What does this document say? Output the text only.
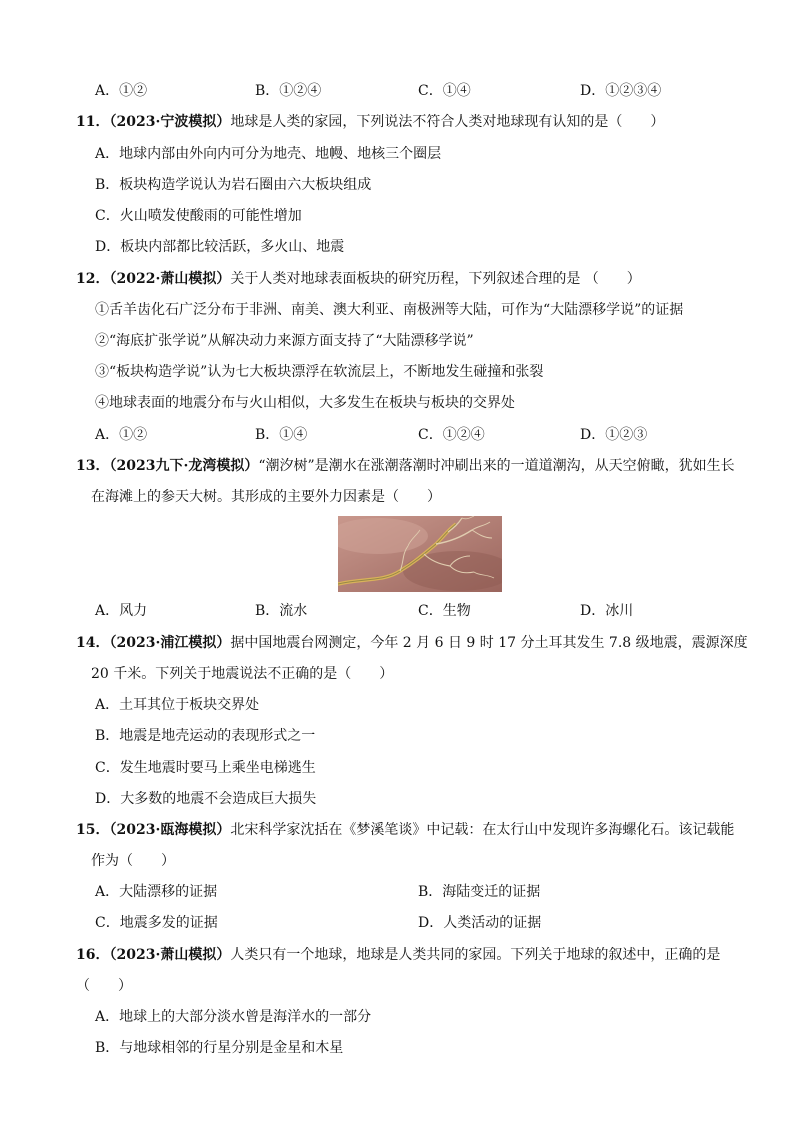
A．①②	B．①②④	C．①④	D．①②③④
11．（2023·宁波模拟）地球是人类的家园，下列说法不符合人类对地球现有认知的是（　　）
A．地球内部由外向内可分为地壳、地幔、地核三个圈层
B．板块构造学说认为岩石圈由六大板块组成
C．火山喷发使酸雨的可能性增加
D．板块内部都比较活跃，多火山、地震
12．（2022·萧山模拟）关于人类对地球表面板块的研究历程，下列叙述合理的是 （　　）
①舌羊齿化石广泛分布于非洲、南美、澳大利亚、南极洲等大陆，可作为“大陆漂移学说”的证据
②“海底扩张学说”从解决动力来源方面支持了“大陆漂移学说”
③“板块构造学说”认为七大板块漂浮在软流层上，不断地发生碰撞和张裂
④地球表面的地震分布与火山相似，大多发生在板块与板块的交界处
A．①②	B．①④	C．①②④	D．①②③
13．（2023九下·龙湾模拟）“潮汐树”是潮水在涨潮落潮时冲刷出来的一道道潮沟，从天空俯瞰，犹如生长
在海滩上的参天大树。其形成的主要外力因素是（　　）
A．风力	B．流水	C．生物	D．冰川
14．（2023·浦江模拟）据中国地震台网测定，今年 2 月 6 日 9 时 17 分土耳其发生 7.8 级地震，震源深度
20 千米。下列关于地震说法不正确的是（　　）
A．土耳其位于板块交界处
B．地震是地壳运动的表现形式之一
C．发生地震时要马上乘坐电梯逃生
D．大多数的地震不会造成巨大损失
15．（2023·瓯海模拟）北宋科学家沈括在《梦溪笔谈》中记载：在太行山中发现许多海螺化石。该记载能
作为（　　）
A．大陆漂移的证据	B．海陆变迁的证据
C．地震多发的证据	D．人类活动的证据
16．（2023·萧山模拟）人类只有一个地球，地球是人类共同的家园。下列关于地球的叙述中，正确的是
（　　）
A．地球上的大部分淡水曾是海洋水的一部分
B．与地球相邻的行星分别是金星和木星
